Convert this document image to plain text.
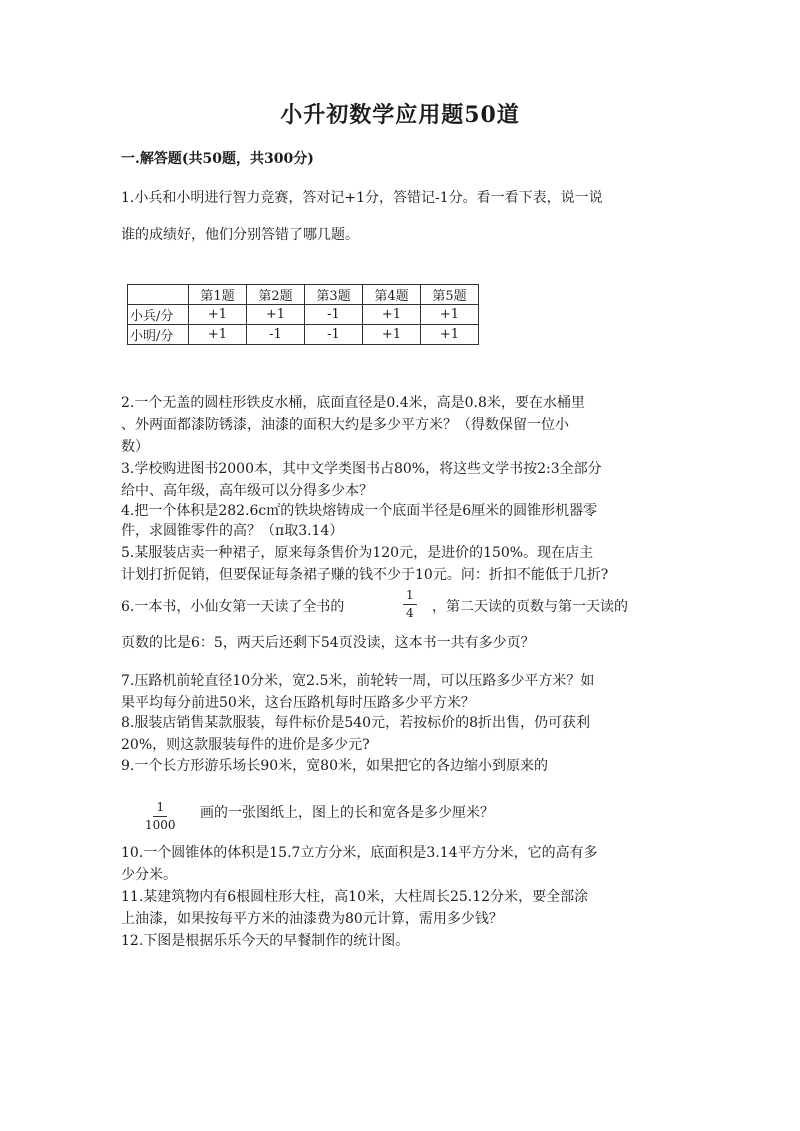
小升初数学应用题50道
一.解答题(共50题，共300分)
1.小兵和小明进行智力竞赛，答对记+1分，答错记-1分。看一看下表，说一说
谁的成绩好，他们分别答错了哪几题。
	第1题	第2题	第3题	第4题	第5题
小兵/分	+1	+1	-1	+1	+1
小明/分	+1	-1	-1	+1	+1
2.一个无盖的圆柱形铁皮水桶，底面直径是0.4米，高是0.8米，要在水桶里
、外两面都漆防锈漆，油漆的面积大约是多少平方米？（得数保留一位小
数）
3.学校购进图书2000本，其中文学类图书占80%，将这些文学书按2:3全部分
给中、高年级，高年级可以分得多少本？
4.把一个体积是282.6c㎡的铁块熔铸成一个底面半径是6厘米的圆锥形机器零
件，求圆锥零件的高？（π取3.14）
5.某服装店卖一种裙子，原来每条售价为120元，是进价的150%。现在店主
计划打折促销，但要保证每条裙子赚的钱不少于10元。问：折扣不能低于几折?
6.一本书，小仙女第一天读了全书的	$\frac{1}{4}$ ，第二天读的页数与第一天读的
页数的比是6：5，两天后还剩下54页没读，这本书一共有多少页？
7.压路机前轮直径10分米，宽2.5米，前轮转一周，可以压路多少平方米？如
果平均每分前进50米，这台压路机每时压路多少平方米？
8.服装店销售某款服装，每件标价是540元，若按标价的8折出售，仍可获利
20%，则这款服装每件的进价是多少元?
9.一个长方形游乐场长90米，宽80米，如果把它的各边缩小到原来的
$\frac{1}{1000}$ 画的一张图纸上，图上的长和宽各是多少厘米？
10.一个圆锥体的体积是15.7立方分米，底面积是3.14平方分米，它的高有多
少分米。
11.某建筑物内有6根圆柱形大柱，高10米，大柱周长25.12分米，要全部涂
上油漆，如果按每平方米的油漆费为80元计算，需用多少钱？
12.下图是根据乐乐今天的早餐制作的统计图。
